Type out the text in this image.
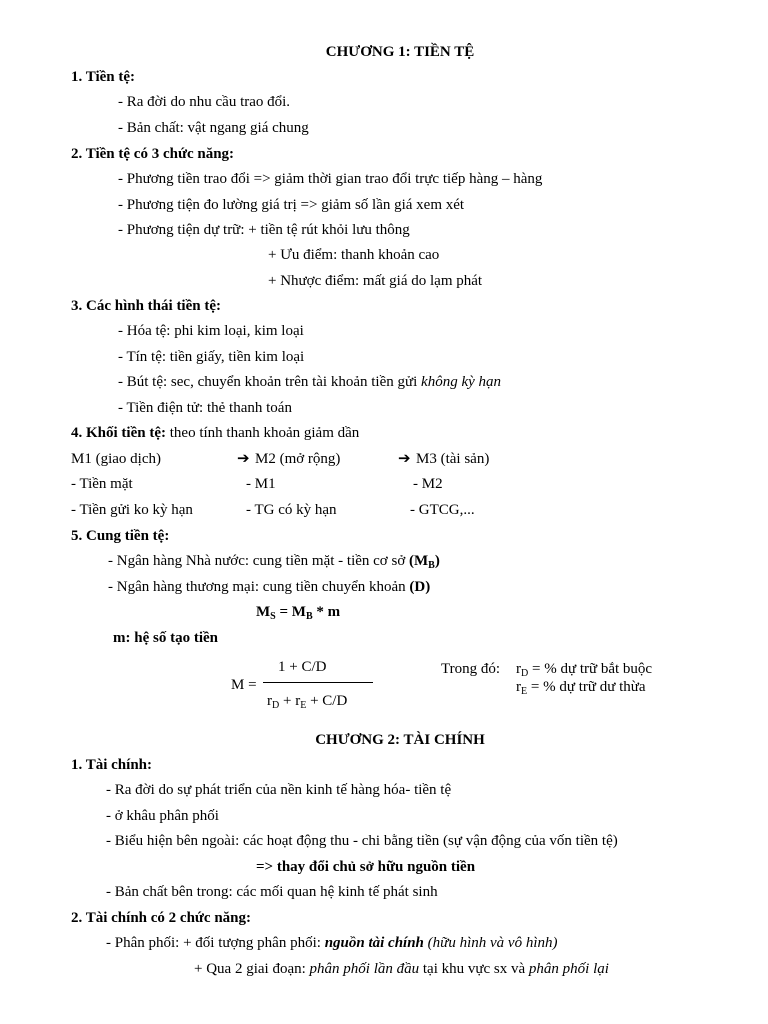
CHƯƠNG 1: TIỀN TỆ
1. Tiền tệ:
- Ra đời do nhu cầu trao đổi.
- Bản chất: vật ngang giá chung
2. Tiền tệ có 3 chức năng:
- Phương tiền trao đổi => giảm thời gian trao đổi trực tiếp hàng – hàng
- Phương tiện đo lường giá trị => giảm số lần giá xem xét
- Phương tiện dự trữ: + tiền tệ rút khỏi lưu thông
+ Ưu điểm: thanh khoản cao
+ Nhược điểm: mất giá do lạm phát
3. Các hình thái tiền tệ:
- Hóa tệ: phi kim loại, kim loại
- Tín tệ: tiền giấy, tiền kim loại
- Bút tệ: sec, chuyển khoản trên tài khoản tiền gửi không kỳ hạn
- Tiền điện tử: thẻ thanh toán
4. Khối tiền tệ: theo tính thanh khoản giảm dần
M1 (giao dịch)	➔ M2 (mở rộng)	➔ M3 (tài sản)
- Tiền mặt	- M1	- M2
- Tiền gửi ko kỳ hạn	- TG có kỳ hạn	- GTCG,...
5. Cung tiền tệ:
- Ngân hàng Nhà nước: cung tiền mặt - tiền cơ sở $(M_B)$
- Ngân hàng thương mại: cung tiền chuyển khoản (D)
$M_S = M_B * m$
m: hệ số tạo tiền
M =
1 + C/D
$r_D + r_E + C/D$
Trong đó: $r_D$ = % dự trữ bắt buộc
$r_E$ = % dự trữ dư thừa
CHƯƠNG 2: TÀI CHÍNH
1. Tài chính:
- Ra đời do sự phát triển của nền kinh tế hàng hóa- tiền tệ
- ở khâu phân phối
- Biểu hiện bên ngoài: các hoạt động thu - chi bằng tiền (sự vận động của vốn tiền tệ)
=> thay đổi chủ sở hữu nguồn tiền
- Bản chất bên trong: các mối quan hệ kinh tế phát sinh
2. Tài chính có 2 chức năng:
- Phân phối: + đối tượng phân phối: nguồn tài chính (hữu hình và vô hình)
+ Qua 2 giai đoạn: phân phối lần đầu tại khu vực sx và phân phối lại
